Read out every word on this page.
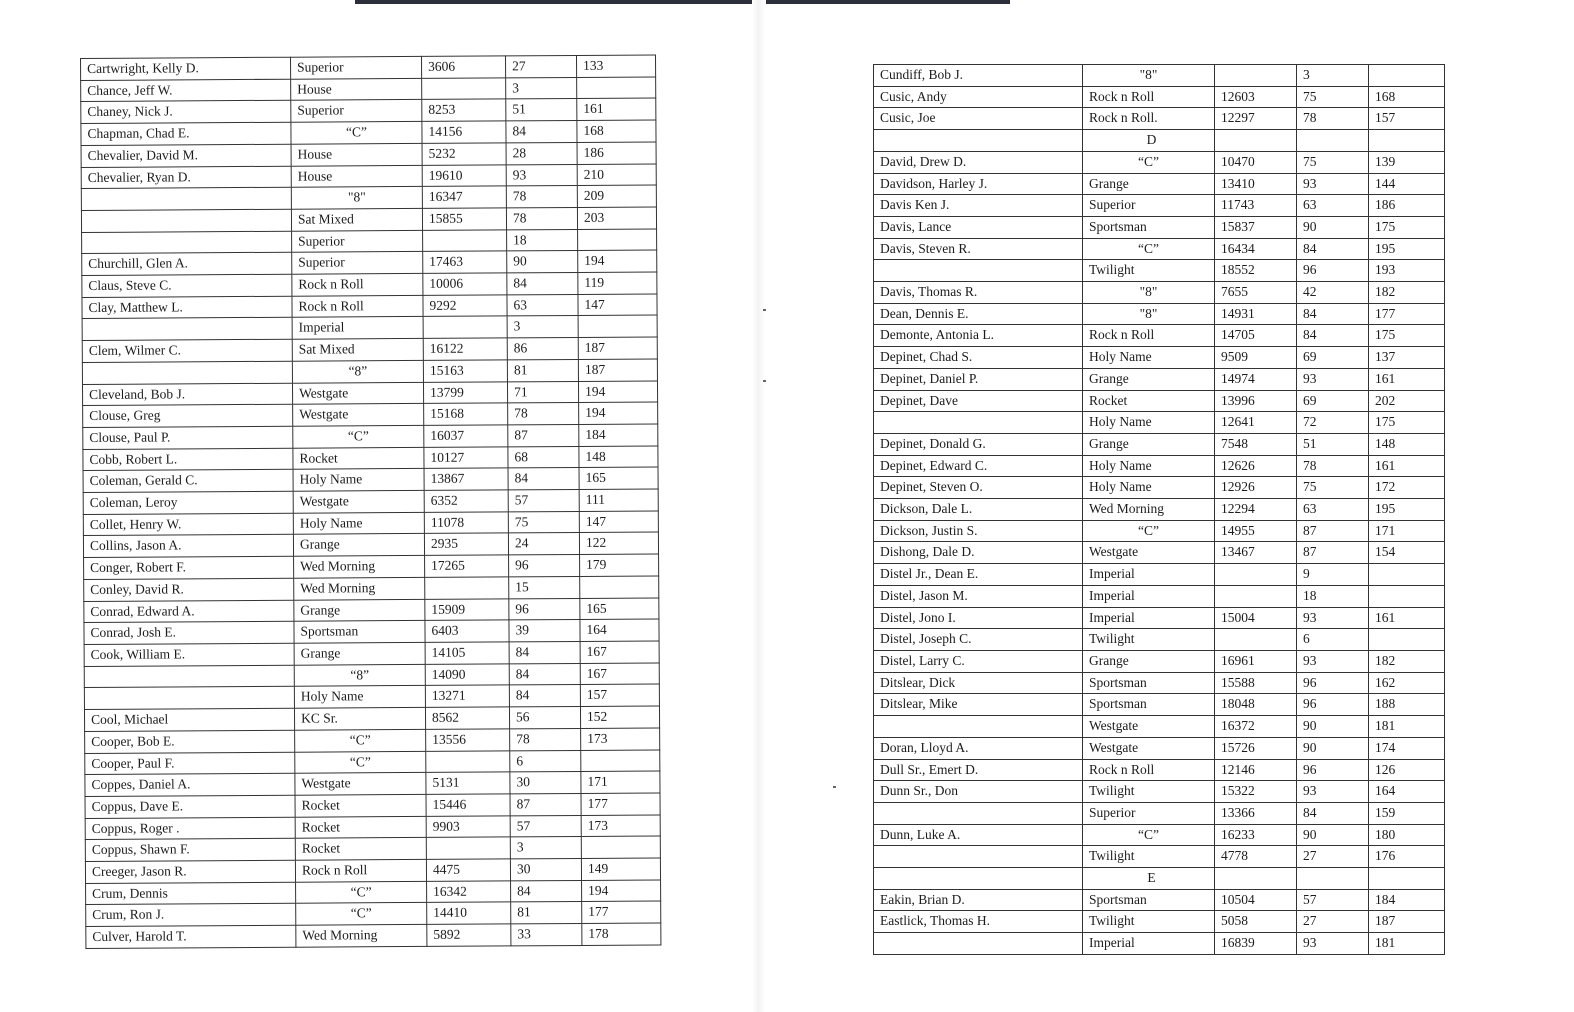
Cartwright, Kelly D.	Superior	3606	27	133
Chance, Jeff W.	House		3	
Chaney, Nick J.	Superior	8253	51	161
Chapman, Chad E.	“C”	14156	84	168
Chevalier, David M.	House	5232	28	186
Chevalier, Ryan D.	House	19610	93	210
	"8"	16347	78	209
	Sat Mixed	15855	78	203
	Superior		18	
Churchill, Glen A.	Superior	17463	90	194
Claus, Steve C.	Rock n Roll	10006	84	119
Clay, Matthew L.	Rock n Roll	9292	63	147
	Imperial		3	
Clem, Wilmer C.	Sat Mixed	16122	86	187
	“8”	15163	81	187
Cleveland, Bob J.	Westgate	13799	71	194
Clouse, Greg	Westgate	15168	78	194
Clouse, Paul P.	“C”	16037	87	184
Cobb, Robert L.	Rocket	10127	68	148
Coleman, Gerald C.	Holy Name	13867	84	165
Coleman, Leroy	Westgate	6352	57	111
Collet, Henry W.	Holy Name	11078	75	147
Collins, Jason A.	Grange	2935	24	122
Conger, Robert F.	Wed Morning	17265	96	179
Conley, David R.	Wed Morning		15	
Conrad, Edward A.	Grange	15909	96	165
Conrad, Josh E.	Sportsman	6403	39	164
Cook, William E.	Grange	14105	84	167
	“8”	14090	84	167
	Holy Name	13271	84	157
Cool, Michael	KC Sr.	8562	56	152
Cooper, Bob E.	“C”	13556	78	173
Cooper, Paul F.	“C”		6	
Coppes, Daniel A.	Westgate	5131	30	171
Coppus, Dave E.	Rocket	15446	87	177
Coppus, Roger .	Rocket	9903	57	173
Coppus, Shawn F.	Rocket		3	
Creeger, Jason R.	Rock n Roll	4475	30	149
Crum, Dennis	“C”	16342	84	194
Crum, Ron J.	“C”	14410	81	177
Culver, Harold T.	Wed Morning	5892	33	178
Cundiff, Bob J.	"8"		3	
Cusic, Andy	Rock n Roll	12603	75	168
Cusic, Joe	Rock n Roll.	12297	78	157
	D			
David, Drew D.	“C”	10470	75	139
Davidson, Harley J.	Grange	13410	93	144
Davis Ken J.	Superior	11743	63	186
Davis, Lance	Sportsman	15837	90	175
Davis, Steven R.	“C”	16434	84	195
	Twilight	18552	96	193
Davis, Thomas R.	"8"	7655	42	182
Dean, Dennis E.	"8"	14931	84	177
Demonte, Antonia L.	Rock n Roll	14705	84	175
Depinet, Chad S.	Holy Name	9509	69	137
Depinet, Daniel P.	Grange	14974	93	161
Depinet, Dave	Rocket	13996	69	202
	Holy Name	12641	72	175
Depinet, Donald G.	Grange	7548	51	148
Depinet, Edward C.	Holy Name	12626	78	161
Depinet, Steven O.	Holy Name	12926	75	172
Dickson, Dale L.	Wed Morning	12294	63	195
Dickson, Justin S.	“C”	14955	87	171
Dishong, Dale D.	Westgate	13467	87	154
Distel Jr., Dean E.	Imperial		9	
Distel, Jason M.	Imperial		18	
Distel, Jono I.	Imperial	15004	93	161
Distel, Joseph C.	Twilight		6	
Distel, Larry C.	Grange	16961	93	182
Ditslear, Dick	Sportsman	15588	96	162
Ditslear, Mike	Sportsman	18048	96	188
	Westgate	16372	90	181
Doran, Lloyd A.	Westgate	15726	90	174
Dull Sr., Emert D.	Rock n Roll	12146	96	126
Dunn Sr., Don	Twilight	15322	93	164
	Superior	13366	84	159
Dunn, Luke A.	“C”	16233	90	180
	Twilight	4778	27	176
	E			
Eakin, Brian D.	Sportsman	10504	57	184
Eastlick, Thomas H.	Twilight	5058	27	187
	Imperial	16839	93	181
